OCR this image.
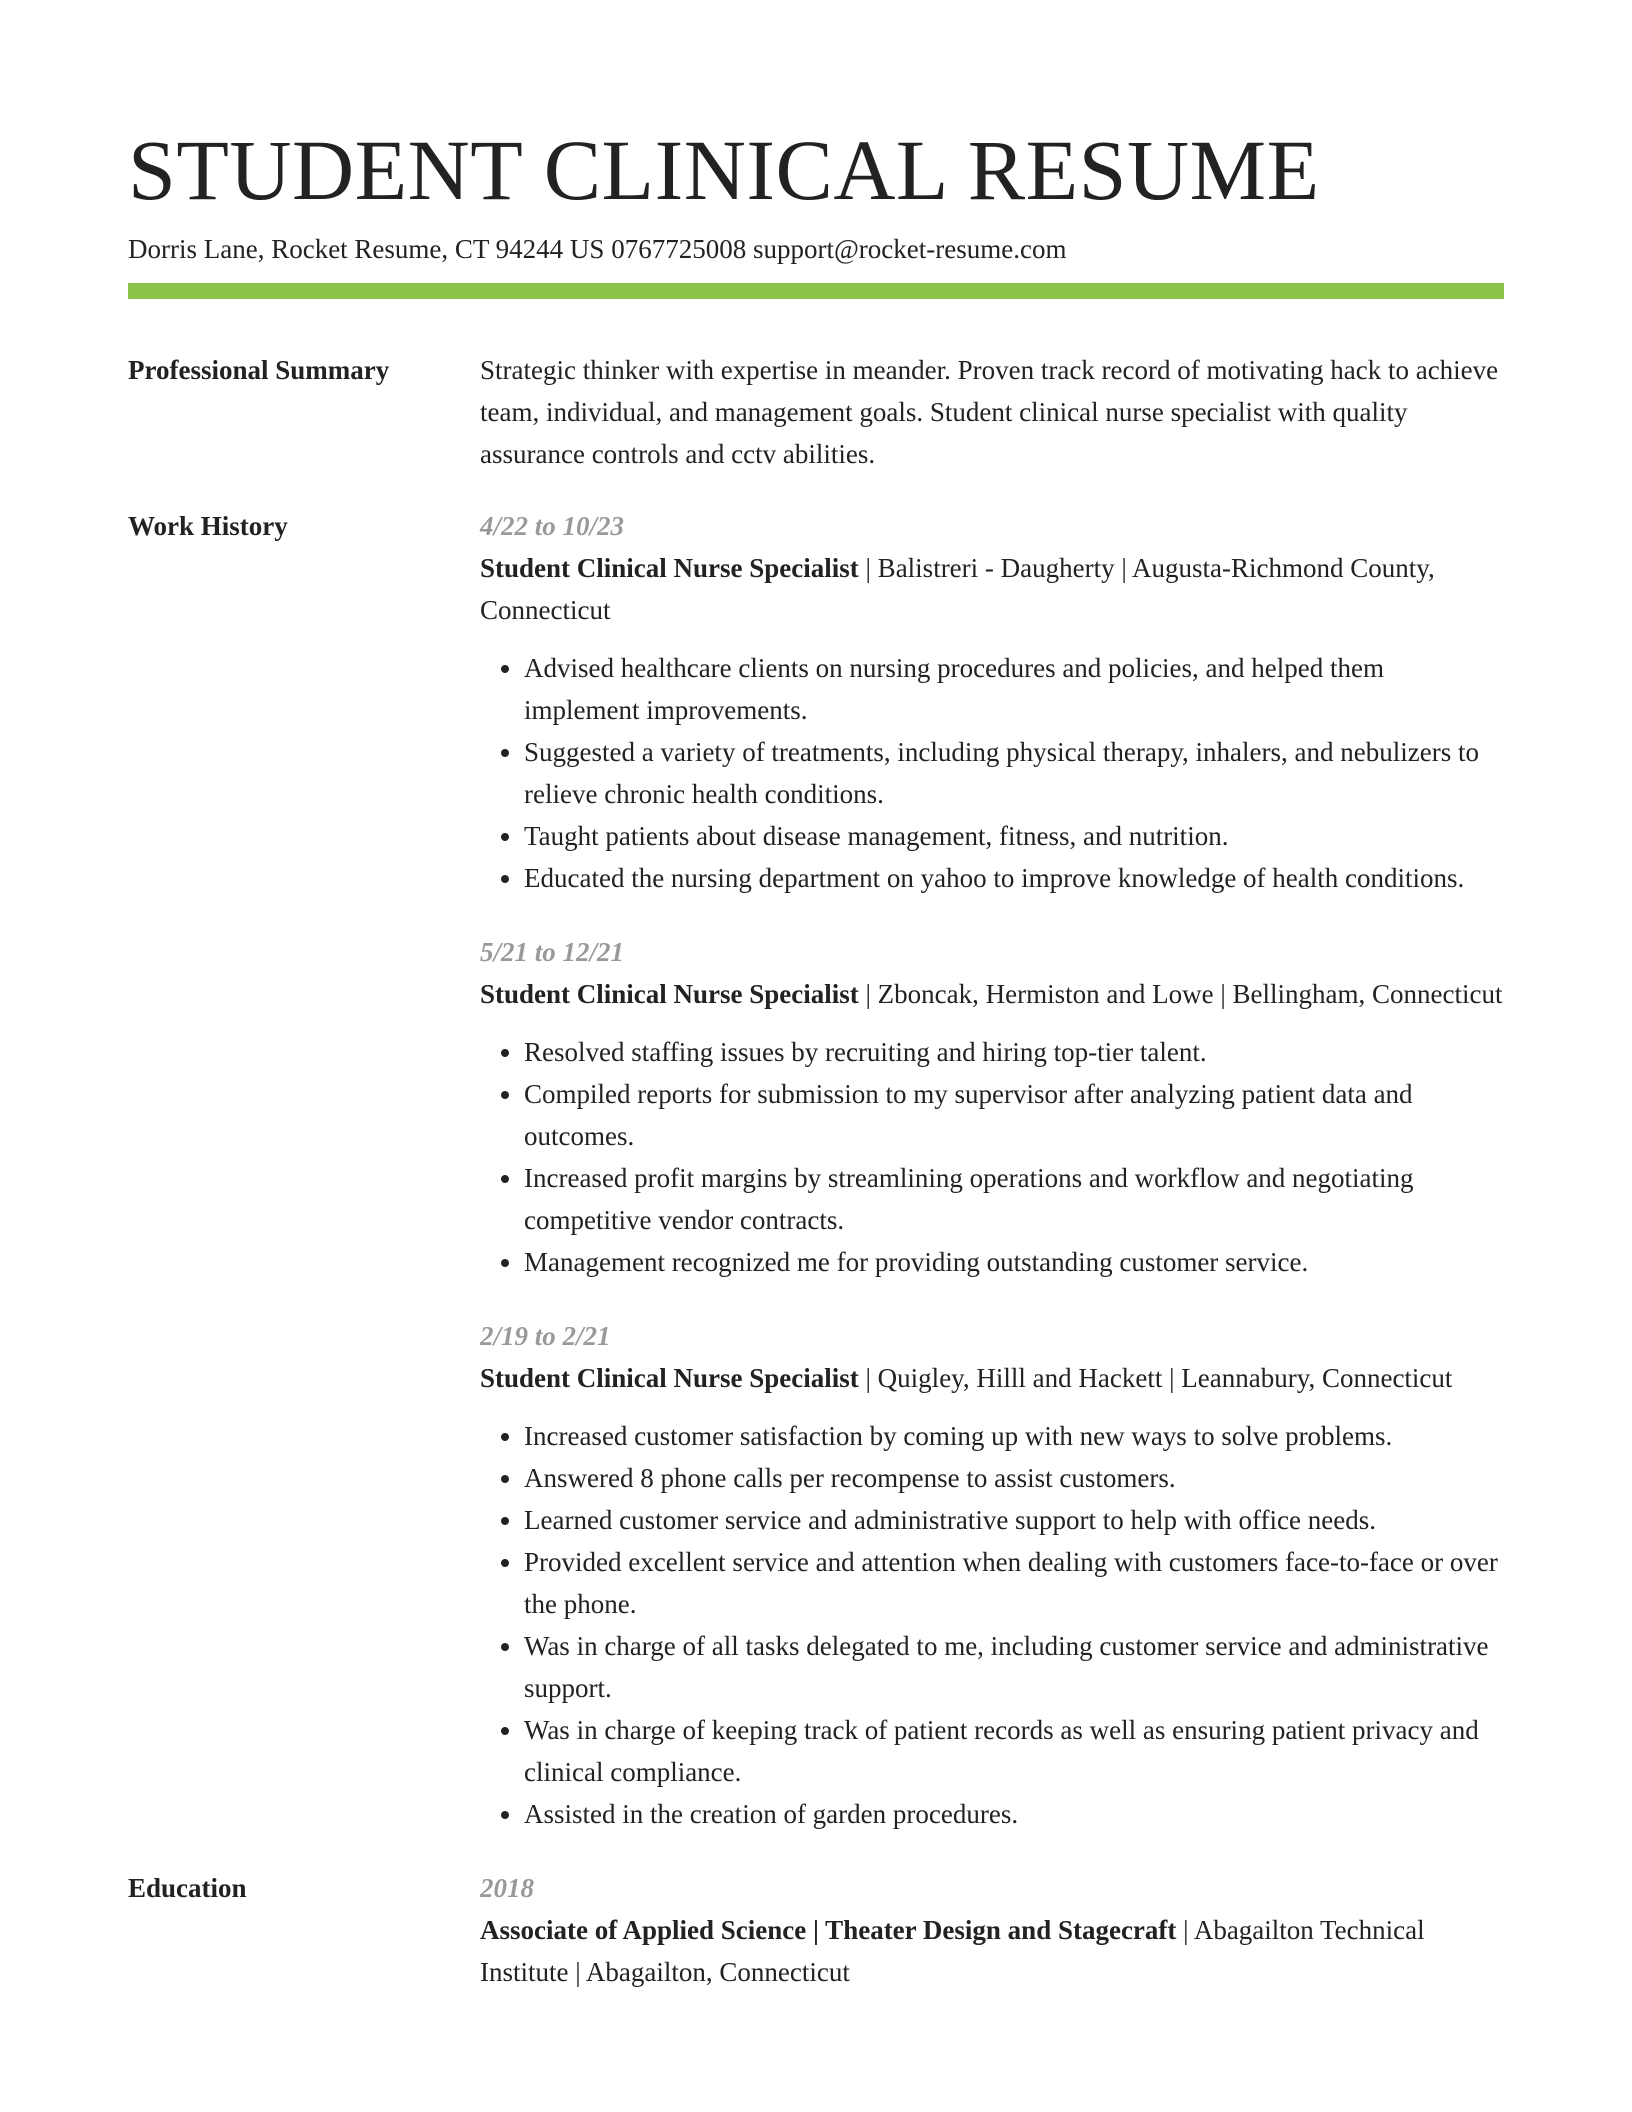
STUDENT CLINICAL RESUME
Dorris Lane, Rocket Resume, CT 94244 US 0767725008 support@rocket-resume.com
Professional Summary	Strategic thinker with expertise in meander. Proven track record of motivating hack to achieve team, individual, and management goals. Student clinical nurse specialist with quality assurance controls and cctv abilities.
Work History	4/22 to 10/23
Student Clinical Nurse Specialist | Balistreri - Daugherty | Augusta-Richmond County, Connecticut
• Advised healthcare clients on nursing procedures and policies, and helped them implement improvements.
• Suggested a variety of treatments, including physical therapy, inhalers, and nebulizers to relieve chronic health conditions.
• Taught patients about disease management, fitness, and nutrition.
• Educated the nursing department on yahoo to improve knowledge of health conditions.
5/21 to 12/21
Student Clinical Nurse Specialist | Zboncak, Hermiston and Lowe | Bellingham, Connecticut
• Resolved staffing issues by recruiting and hiring top-tier talent.
• Compiled reports for submission to my supervisor after analyzing patient data and outcomes.
• Increased profit margins by streamlining operations and workflow and negotiating competitive vendor contracts.
• Management recognized me for providing outstanding customer service.
2/19 to 2/21
Student Clinical Nurse Specialist | Quigley, Hilll and Hackett | Leannabury, Connecticut
• Increased customer satisfaction by coming up with new ways to solve problems.
• Answered 8 phone calls per recompense to assist customers.
• Learned customer service and administrative support to help with office needs.
• Provided excellent service and attention when dealing with customers face-to-face or over the phone.
• Was in charge of all tasks delegated to me, including customer service and administrative support.
• Was in charge of keeping track of patient records as well as ensuring patient privacy and clinical compliance.
• Assisted in the creation of garden procedures.
Education	2018
Associate of Applied Science | Theater Design and Stagecraft | Abagailton Technical Institute | Abagailton, Connecticut
